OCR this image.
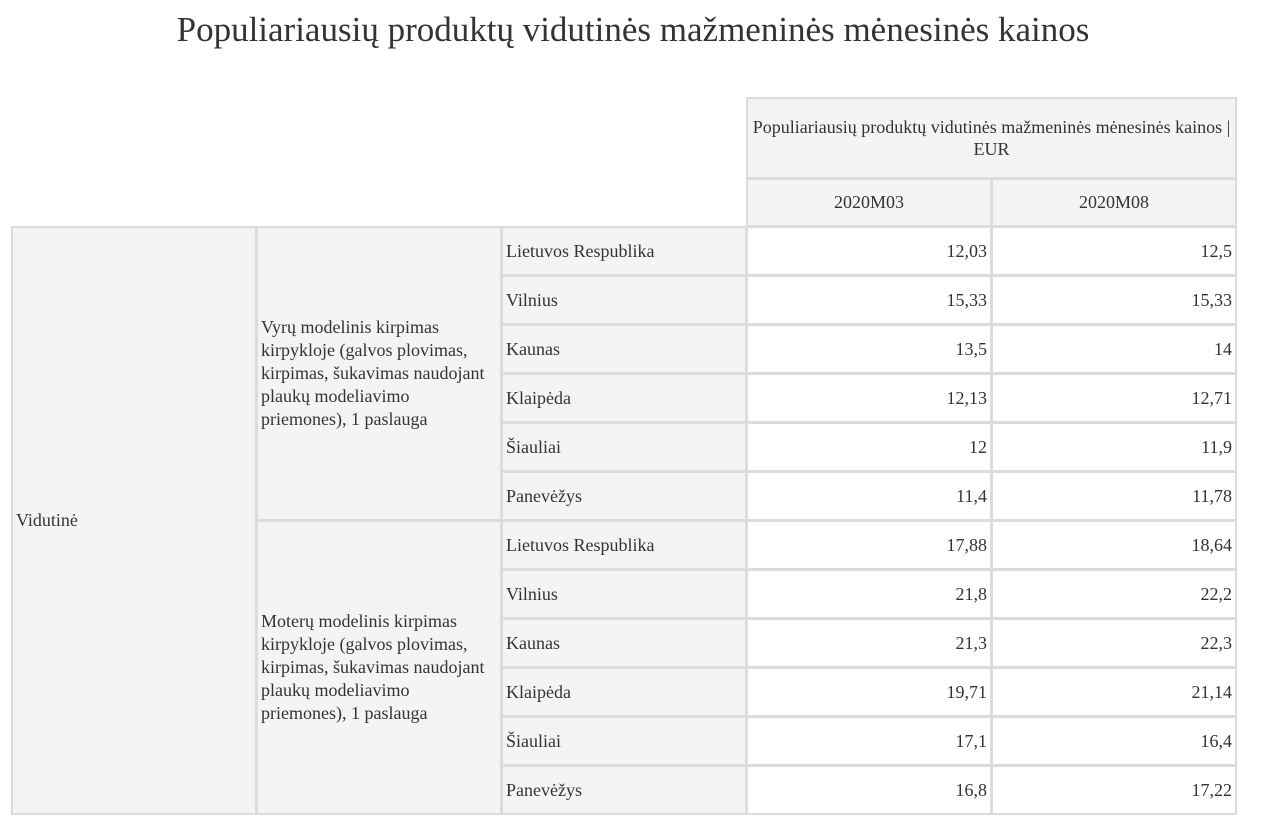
Populiariausių produktų vidutinės mažmeninės mėnesinės kainos
			Populiariausių produktų vidutinės mažmeninės mėnesinės kainos | EUR	
			2020M03	2020M08
Vidutinė	Vyrų modelinis kirpimas kirpykloje (galvos plovimas, kirpimas, šukavimas naudojant plaukų modeliavimo priemones), 1 paslauga	Lietuvos Respublika	12,03	12,5
		Vilnius	15,33	15,33
		Kaunas	13,5	14
		Klaipėda	12,13	12,71
		Šiauliai	12	11,9
		Panevėžys	11,4	11,78
	Moterų modelinis kirpimas kirpykloje (galvos plovimas, kirpimas, šukavimas naudojant plaukų modeliavimo priemones), 1 paslauga	Lietuvos Respublika	17,88	18,64
		Vilnius	21,8	22,2
		Kaunas	21,3	22,3
		Klaipėda	19,71	21,14
		Šiauliai	17,1	16,4
		Panevėžys	16,8	17,22
